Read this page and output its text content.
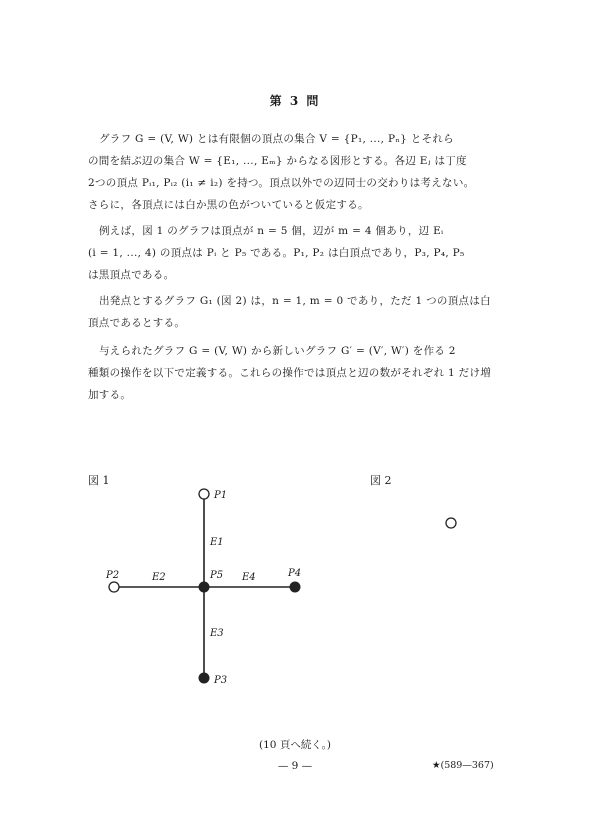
第 3 問
グラフ G = (V, W) とは有限個の頂点の集合 V = {P₁, ..., Pₙ} とそれら
の間を結ぶ辺の集合 W = {E₁, ..., Eₘ} からなる図形とする。各辺 Eⱼ は丁度
2つの頂点 Pᵢ₁, Pᵢ₂ (i₁ ≠ i₂) を持つ。頂点以外での辺同士の交わりは考えない。
さらに，各頂点には白か黒の色がついていると仮定する。
例えば，図 1 のグラフは頂点が n = 5 個，辺が m = 4 個あり，辺 Eᵢ
(i = 1, ..., 4) の頂点は Pᵢ と P₅ である。P₁, P₂ は白頂点であり，P₃, P₄, P₅
は黒頂点である。
出発点とするグラフ G₁ (図 2) は，n = 1, m = 0 であり，ただ 1 つの頂点は白
頂点であるとする。
与えられたグラフ G = (V, W) から新しいグラフ G′ = (V′, W′) を作る 2
種類の操作を以下で定義する。これらの操作では頂点と辺の数がそれぞれ 1 だけ増
加する。
図 1	図 2
P1
P2
P3
P4
P5
E1
E2
E3
E4
(10 頁へ続く。)
— 9 —	★(589—367)
